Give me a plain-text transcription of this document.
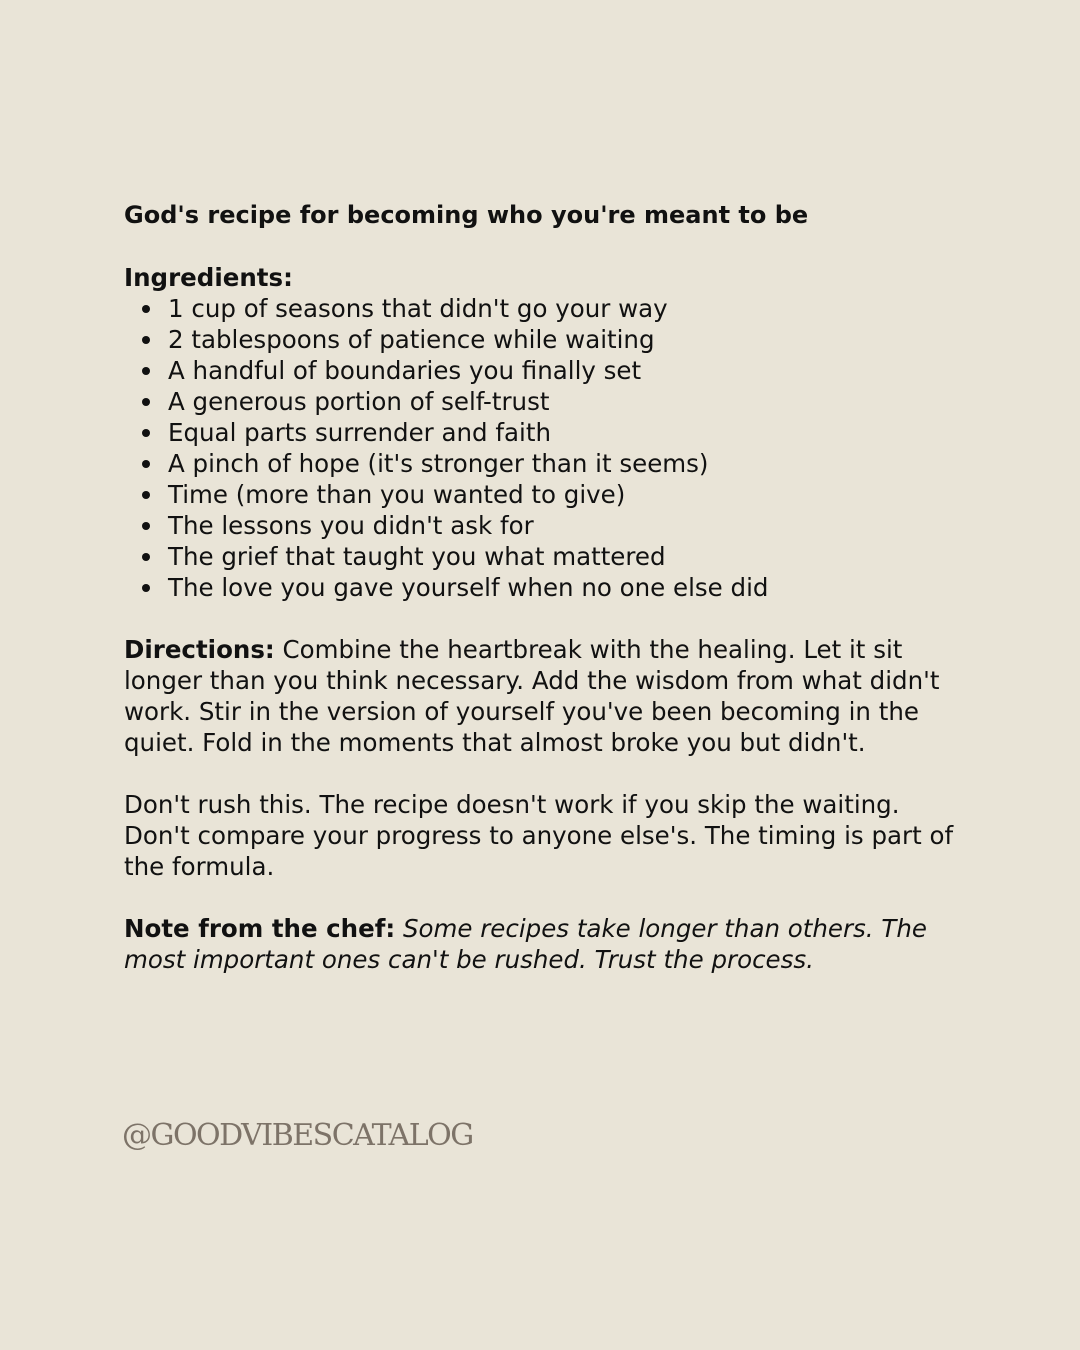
God's recipe for becoming who you're meant to be

Ingredients:

1 cup of seasons that didn't go your way
2 tablespoons of patience while waiting
A handful of boundaries you finally set
A generous portion of self-trust
Equal parts surrender and faith
A pinch of hope (it's stronger than it seems)
Time (more than you wanted to give)
The lessons you didn't ask for
The grief that taught you what mattered
The love you gave yourself when no one else did

Directions: Combine the heartbreak with the healing. Let it sit longer than you think necessary. Add the wisdom from what didn't work. Stir in the version of yourself you've been becoming in the quiet. Fold in the moments that almost broke you but didn't.

Don't rush this. The recipe doesn't work if you skip the waiting. Don't compare your progress to anyone else's. The timing is part of the formula.

Note from the chef: Some recipes take longer than others. The most important ones can't be rushed. Trust the process.

@GOODVIBESCATALOG
